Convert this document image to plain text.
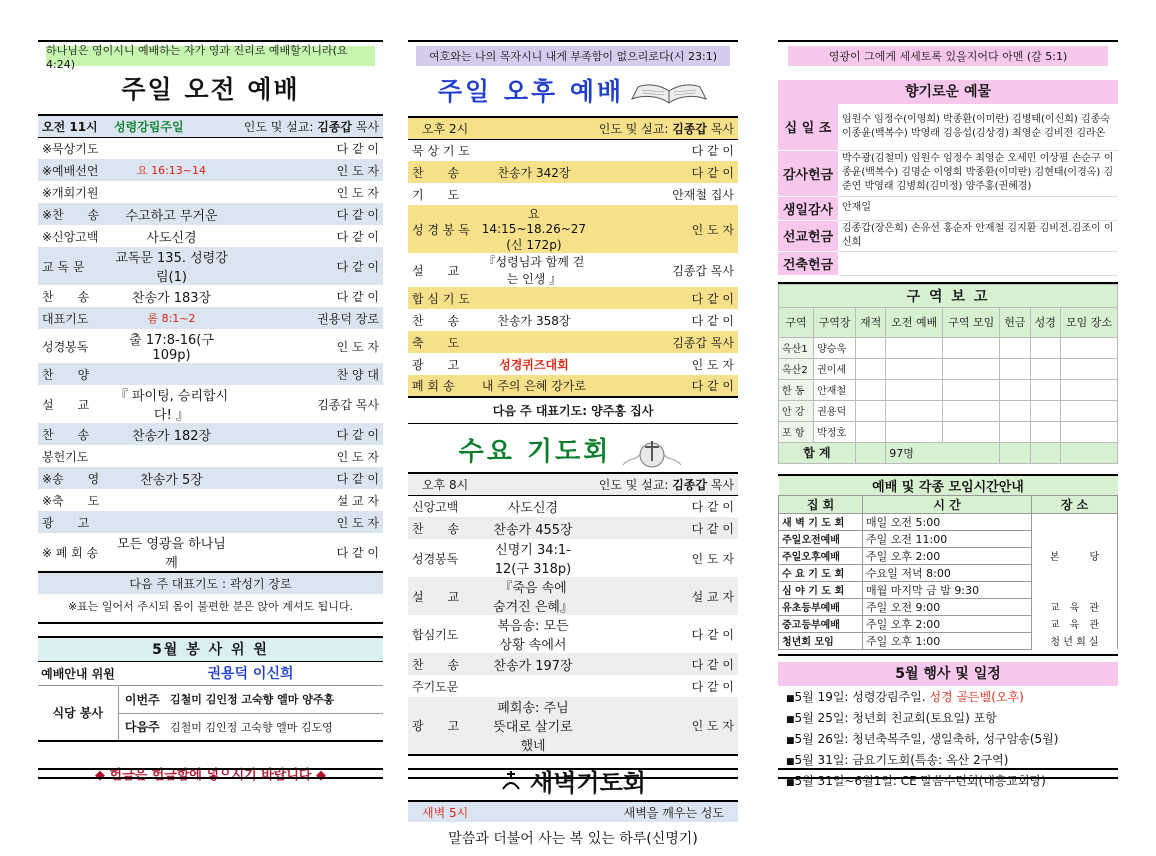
하나님은 영이시니 예배하는 자가 영과 진리로 예배할지니라(요4:24)
주일 오전 예배
오전 11시	성령강림주일	인도 및 설교: 김종갑 목사
※묵상기도		다 같 이
※예배선언	요 16:13~14	인 도 자
※개회기원		인 도 자
※찬　　송	수고하고 무거운	다 같 이
※신앙고백	사도신경	다 같 이
교 독 문	교독문 135. 성령강림(1)	다 같 이
찬　　송	찬송가 183장	다 같 이
대표기도	롬 8:1~2	권용덕 장로
성경봉독	출 17:8-16(구 109p)	인 도 자
찬　　양		찬 양 대
설　　교	『 파이팅, 승리합시다! 』	김종갑 목사
찬　　송	찬송가 182장	다 같 이
봉헌기도		인 도 자
※송　　영	찬송가 5장	다 같 이
※축　　도		설 교 자
광　　고		인 도 자
※ 폐 회 송	모든 영광을 하나님께	다 같 이
다음 주 대표기도 : 곽성기 장로		
※표는 일어서 주시되 몸이 불편한 분은 앉아 계셔도 됩니다.
5월 봉 사 위 원		
예배안내 위원	권용덕 이신희	
식당 봉사	이번주	김철미 김인정 고숙향 엘마 양주홍
	다음주	김철미 김인정 고숙향 엘마 김도영
◆ 헌금은 헌금함에 넣으시기 바랍니다 ◆
여호와는 나의 목자시니 내게 부족함이 없으리로다(시 23:1)
주일 오후 예배
오후 2시		인도 및 설교: 김종갑 목사
묵 상 기 도		다 같 이
찬　　송	찬송가 342장	다 같 이
기　　도		안재철 집사
성 경 봉 독	요 14:15~18.26~27 (신 172p)	인 도 자
설　　교	『성령님과 함께 걷는 인생 』	김종갑 목사
합 심 기 도		다 같 이
찬　　송	찬송가 358장	다 같 이
축　　도		김종갑 목사
광　　고	성경퀴즈대회	인 도 자
폐 회 송	내 주의 은혜 강가로	다 같 이
다음 주 대표기도: 양주홍 집사
수요 기도회
오후 8시		인도 및 설교: 김종갑 목사
신앙고백	사도신경	다 같 이
찬　　송	찬송가 455장	다 같 이
성경봉독	신명기 34:1-12(구 318p)	인 도 자
설　　교	『죽음 속에 숨겨진 은혜』	설 교 자
합심기도	복음송: 모든 상황 속에서	다 같 이
찬　　송	찬송가 197장	다 같 이
주기도문		다 같 이
광　　고	폐회송: 주님 뜻대로 살기로 했네	인 도 자
새벽기도회
새벽 5시	새벽을 깨우는 성도
말씀과 더불어 사는 복 있는 하루(신명기)
영광이 그에게 세세토록 있을지어다 아멘 (갈 5:1)
향기로운 예물
십 일 조	임원수 임정수(이영희) 박종환(이미란) 김병태(이신희) 김종숙 이종윤(백복수) 박영래 김응섭(김상경) 최영순 김비전 김라온
감사헌금	박수광(김철미) 임원수 임정수 최영순 오세민 이상필 손순구 이종윤(백복수) 김명순 이영희 박종환(이미란) 김현태(이경옥) 김준연 박영래 김병희(김미정) 양주홍(권혜경)
생일감사	안재일
선교헌금	김종갑(장은희) 손유선 홍순자 안재철 김지환 김비전.김조이 이신희
건축헌금	
구 역 보 고							
구역	구역장	재적	오전 예배	구역 모임	헌금	성경	모임 장소
옥산1	양승욱						
옥산2	권이세						
한 동	안재철						
안 강	권용덕						
포 항	박정호						
합 계			97명				
예배 및 각종 모임시간안내		
집 회	시 간	장 소
새 벽 기 도 회	매일 오전 5:00	
주일오전예배	주일 오전 11:00	
주일오후예배	주일 오후 2:00	본　　　당
수 요 기 도 회	수요일 저녁 8:00	
심 야 기 도 회	매월 마지막 금 밤 9:30	
유초등부예배	주일 오전 9:00	교　육　관
중고등부예배	주일 오후 2:00	교　육　관
청년회 모임	주일 오후 1:00	청 년 회 실
5월 행사 및 일정
■ 5월 19일: 성령강림주일. 성경 골든벨(오후)
■ 5월 25일: 청년회 친교회(토요일) 포항
■ 5월 26일: 청년축복주일, 생일축하, 성구암송(5월)
■ 5월 31일: 금요기도회(특송: 옥산 2구역)
■ 5월 31일~6월1일: CE 말씀수련회(대흥교회당)
